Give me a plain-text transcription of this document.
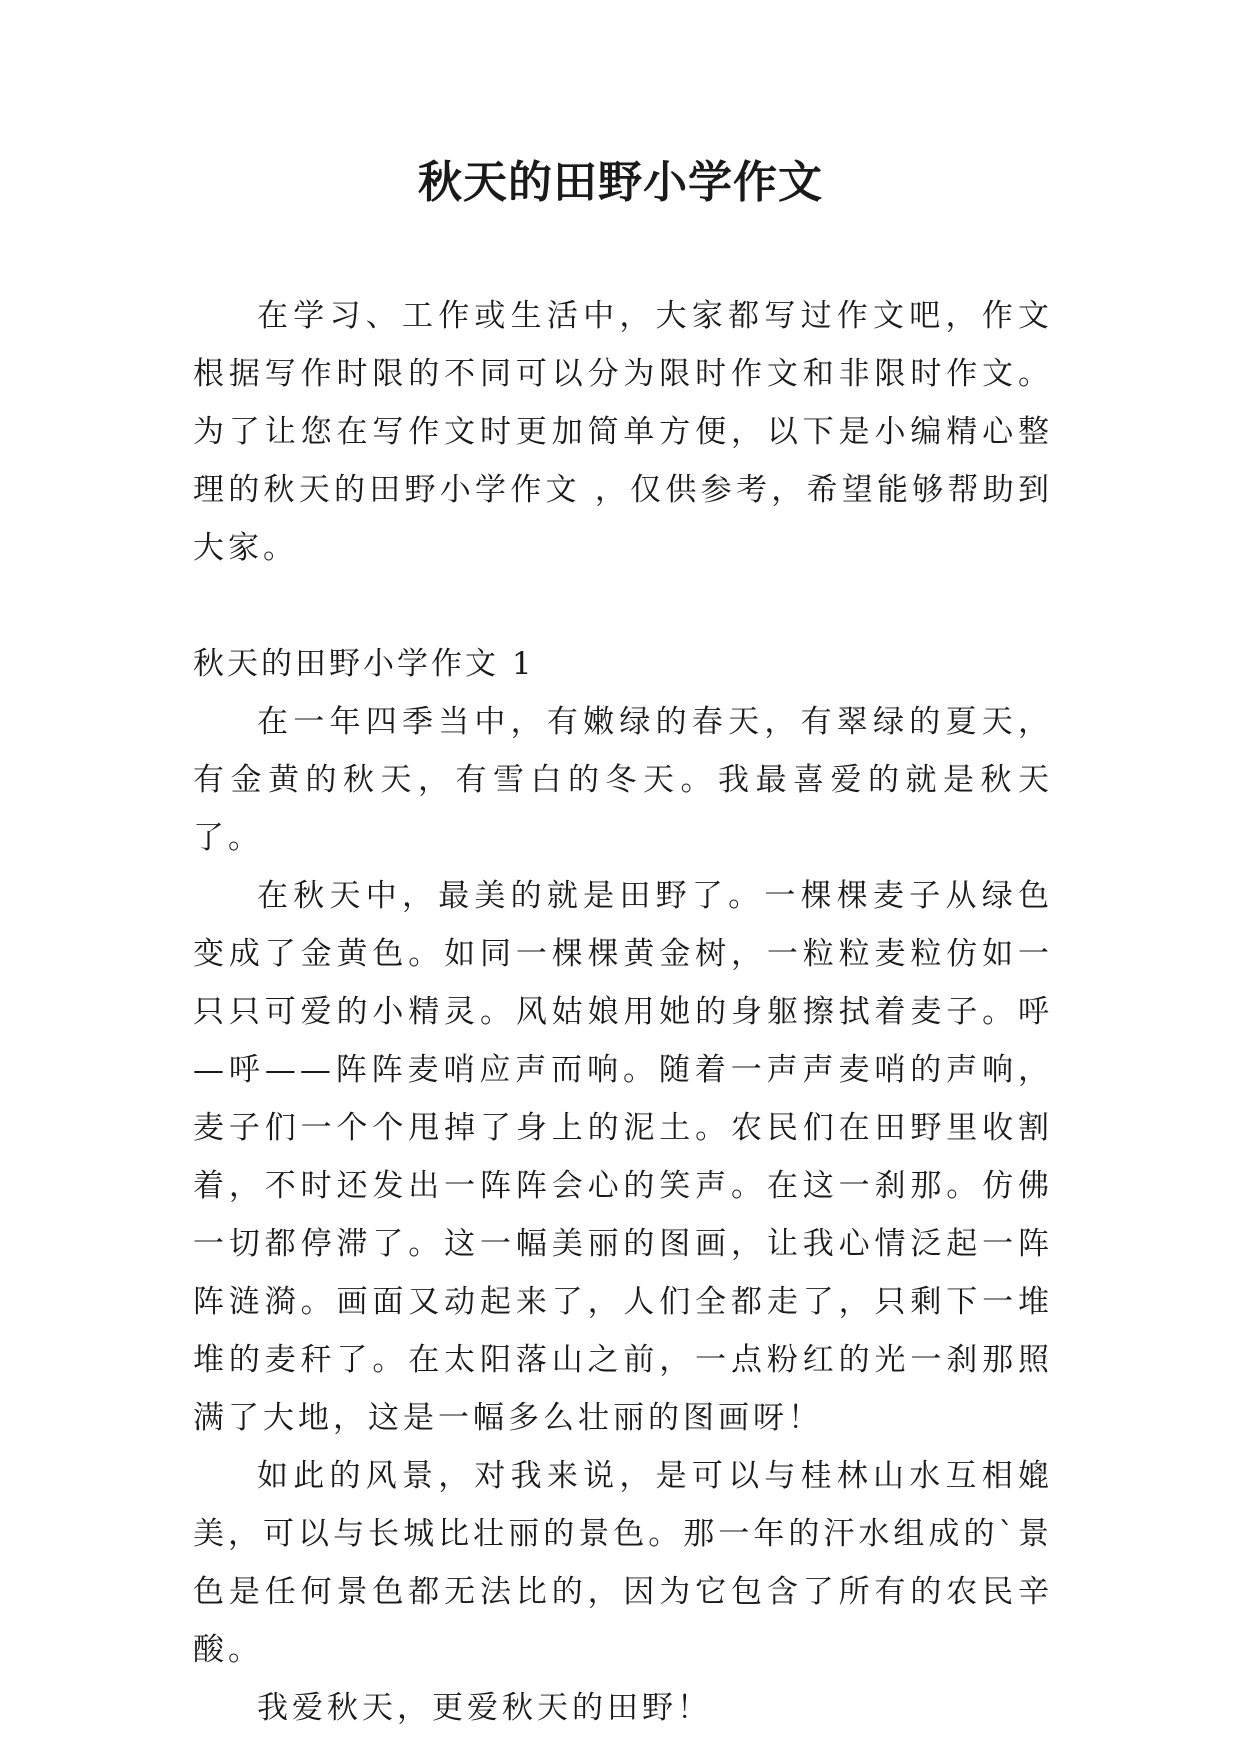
秋天的田野小学作文

在学习、工作或生活中，大家都写过作文吧，作文根据写作时限的不同可以分为限时作文和非限时作文。为了让您在写作文时更加简单方便，以下是小编精心整理的秋天的田野小学作文 ，仅供参考，希望能够帮助到大家。

秋天的田野小学作文 1

在一年四季当中，有嫩绿的春天，有翠绿的夏天，有金黄的秋天，有雪白的冬天。我最喜爱的就是秋天了。

在秋天中，最美的就是田野了。一棵棵麦子从绿色变成了金黄色。如同一棵棵黄金树，一粒粒麦粒仿如一只只可爱的小精灵。风姑娘用她的身躯擦拭着麦子。呼—呼——阵阵麦哨应声而响。随着一声声麦哨的声响，麦子们一个个甩掉了身上的泥土。农民们在田野里收割着，不时还发出一阵阵会心的笑声。在这一刹那。仿佛一切都停滞了。这一幅美丽的图画，让我心情泛起一阵阵涟漪。画面又动起来了，人们全都走了，只剩下一堆堆的麦秆了。在太阳落山之前，一点粉红的光一刹那照满了大地，这是一幅多么壮丽的图画呀！

如此的风景，对我来说，是可以与桂林山水互相媲美，可以与长城比壮丽的景色。那一年的汗水组成的`景色是任何景色都无法比的，因为它包含了所有的农民辛酸。

我爱秋天，更爱秋天的田野！
